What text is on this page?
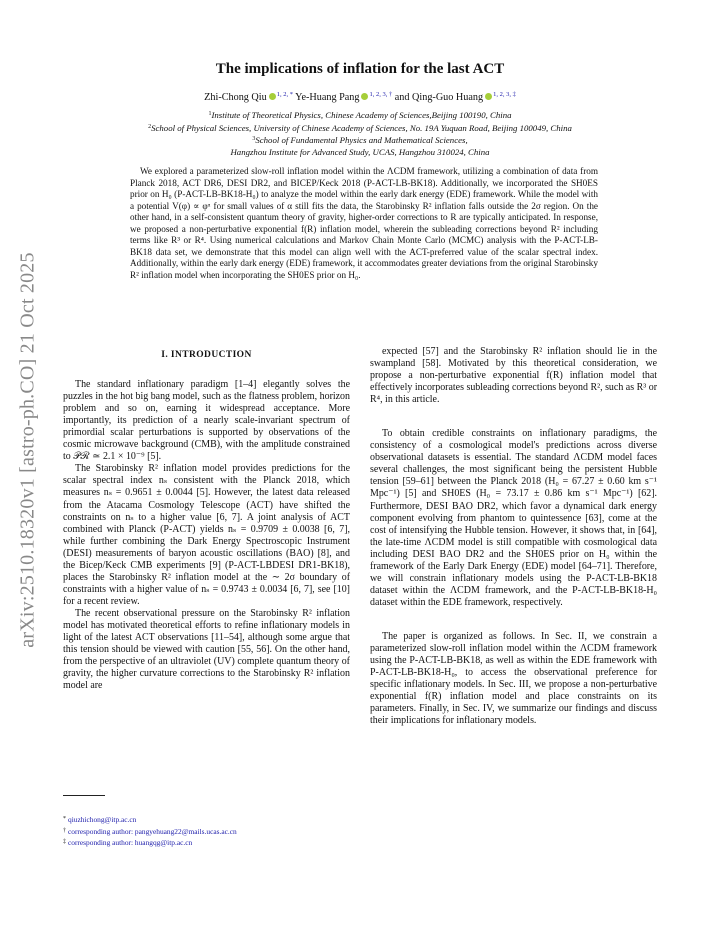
arXiv:2510.18320v1 [astro-ph.CO] 21 Oct 2025
The implications of inflation for the last ACT
Zhi-Chong Qiu $^{1, 2, *}$ Ye-Huang Pang $^{1, 2, 3, \dagger}$ and Qing-Guo Huang $^{1, 2, 3, \ddagger}$
$^1$Institute of Theoretical Physics, Chinese Academy of Sciences,Beijing 100190, China
$^2$School of Physical Sciences, University of Chinese Academy of Sciences, No. 19A Yuquan Road, Beijing 100049, China
$^3$School of Fundamental Physics and Mathematical Sciences,
Hangzhou Institute for Advanced Study, UCAS, Hangzhou 310024, China
We explored a parameterized slow-roll inflation model within the ΛCDM framework, utilizing a combination of data from Planck 2018, ACT DR6, DESI DR2, and BICEP/Keck 2018 (P-ACT-LB-BK18). Additionally, we incorporated the SH0ES prior on H₀ (P-ACT-LB-BK18-H₀) to analyze the model within the early dark energy (EDE) framework. While the model with a potential V(φ) ∝ φᵅ for small values of α still fits the data, the Starobinsky R² inflation falls outside the 2σ region. On the other hand, in a self-consistent quantum theory of gravity, higher-order corrections to R are typically anticipated. In response, we proposed a non-perturbative exponential f(R) inflation model, wherein the subleading corrections beyond R² including terms like R³ or R⁴. Using numerical calculations and Markov Chain Monte Carlo (MCMC) analysis with the P-ACT-LB-BK18 data set, we demonstrate that this model can align well with the ACT-preferred value of the scalar spectral index. Additionally, within the early dark energy (EDE) framework, it accommodates greater deviations from the original Starobinsky R² inflation model when incorporating the SH0ES prior on H₀.
I. INTRODUCTION

The standard inflationary paradigm [1–4] elegantly solves the puzzles in the hot big bang model, such as the flatness problem, horizon problem and so on, earning it widespread acceptance. More importantly, its prediction of a nearly scale-invariant spectrum of primordial scalar perturbations is supported by observations of the cosmic microwave background (CMB), with the amplitude constrained to 𝒫ℛ ≃ 2.1 × 10⁻⁹ [5].

The Starobinsky R² inflation model provides predictions for the scalar spectral index nₛ consistent with the Planck 2018, which measures nₛ = 0.9651 ± 0.0044 [5]. However, the latest data released from the Atacama Cosmology Telescope (ACT) have shifted the constraints on nₛ to a higher value [6, 7]. A joint analysis of ACT combined with Planck (P-ACT) yields nₛ = 0.9709 ± 0.0038 [6, 7], while further combining the Dark Energy Spectroscopic Instrument (DESI) measurements of baryon acoustic oscillations (BAO) [8], and the Bicep/Keck CMB experiments [9] (P-ACT-LBDESI DR1-BK18), places the Starobinsky R² inflation model at the ∼ 2σ boundary of constraints with a higher value of nₛ = 0.9743 ± 0.0034 [6, 7], see [10] for a recent review.

The recent observational pressure on the Starobinsky R² inflation model has motivated theoretical efforts to refine inflationary models in light of the latest ACT observations [11–54], although some argue that this tension should be viewed with caution [55, 56]. On the other hand, from the perspective of an ultraviolet (UV) complete quantum theory of gravity, the higher curvature corrections to the Starobinsky R² inflation model are

expected [57] and the Starobinsky R² inflation should lie in the swampland [58]. Motivated by this theoretical consideration, we propose a non-perturbative exponential f(R) inflation model that effectively incorporates subleading corrections beyond R², such as R³ or R⁴, in this article.

To obtain credible constraints on inflationary paradigms, the consistency of a cosmological model's predictions across diverse observational datasets is essential. The standard ΛCDM model faces several challenges, the most significant being the persistent Hubble tension [59–61] between the Planck 2018 (H₀ = 67.27 ± 0.60 km s⁻¹ Mpc⁻¹) [5] and SH0ES (H₀ = 73.17 ± 0.86 km s⁻¹ Mpc⁻¹) [62]. Furthermore, DESI BAO DR2, which favor a dynamical dark energy component evolving from phantom to quintessence [63], come at the cost of intensifying the Hubble tension. However, it shows that, in [64], the late-time ΛCDM model is still compatible with cosmological data including DESI BAO DR2 and the SH0ES prior on H₀ within the framework of the Early Dark Energy (EDE) model [64–71]. Therefore, we will constrain inflationary models using the P-ACT-LB-BK18 dataset within the ΛCDM framework, and the P-ACT-LB-BK18-H₀ dataset within the EDE framework, respectively.

The paper is organized as follows. In Sec. II, we constrain a parameterized slow-roll inflation model within the ΛCDM framework using the P-ACT-LB-BK18, as well as within the EDE framework with P-ACT-LB-BK18-H₀, to access the observational preference for specific inflationary models. In Sec. III, we propose a non-perturbative exponential f(R) inflation model and place constraints on its parameters. Finally, in Sec. IV, we summarize our findings and discuss their implications for inflationary models.

* qiuzhichong@itp.ac.cn
† corresponding author: pangyehuang22@mails.ucas.ac.cn
‡ corresponding author: huangqg@itp.ac.cn
